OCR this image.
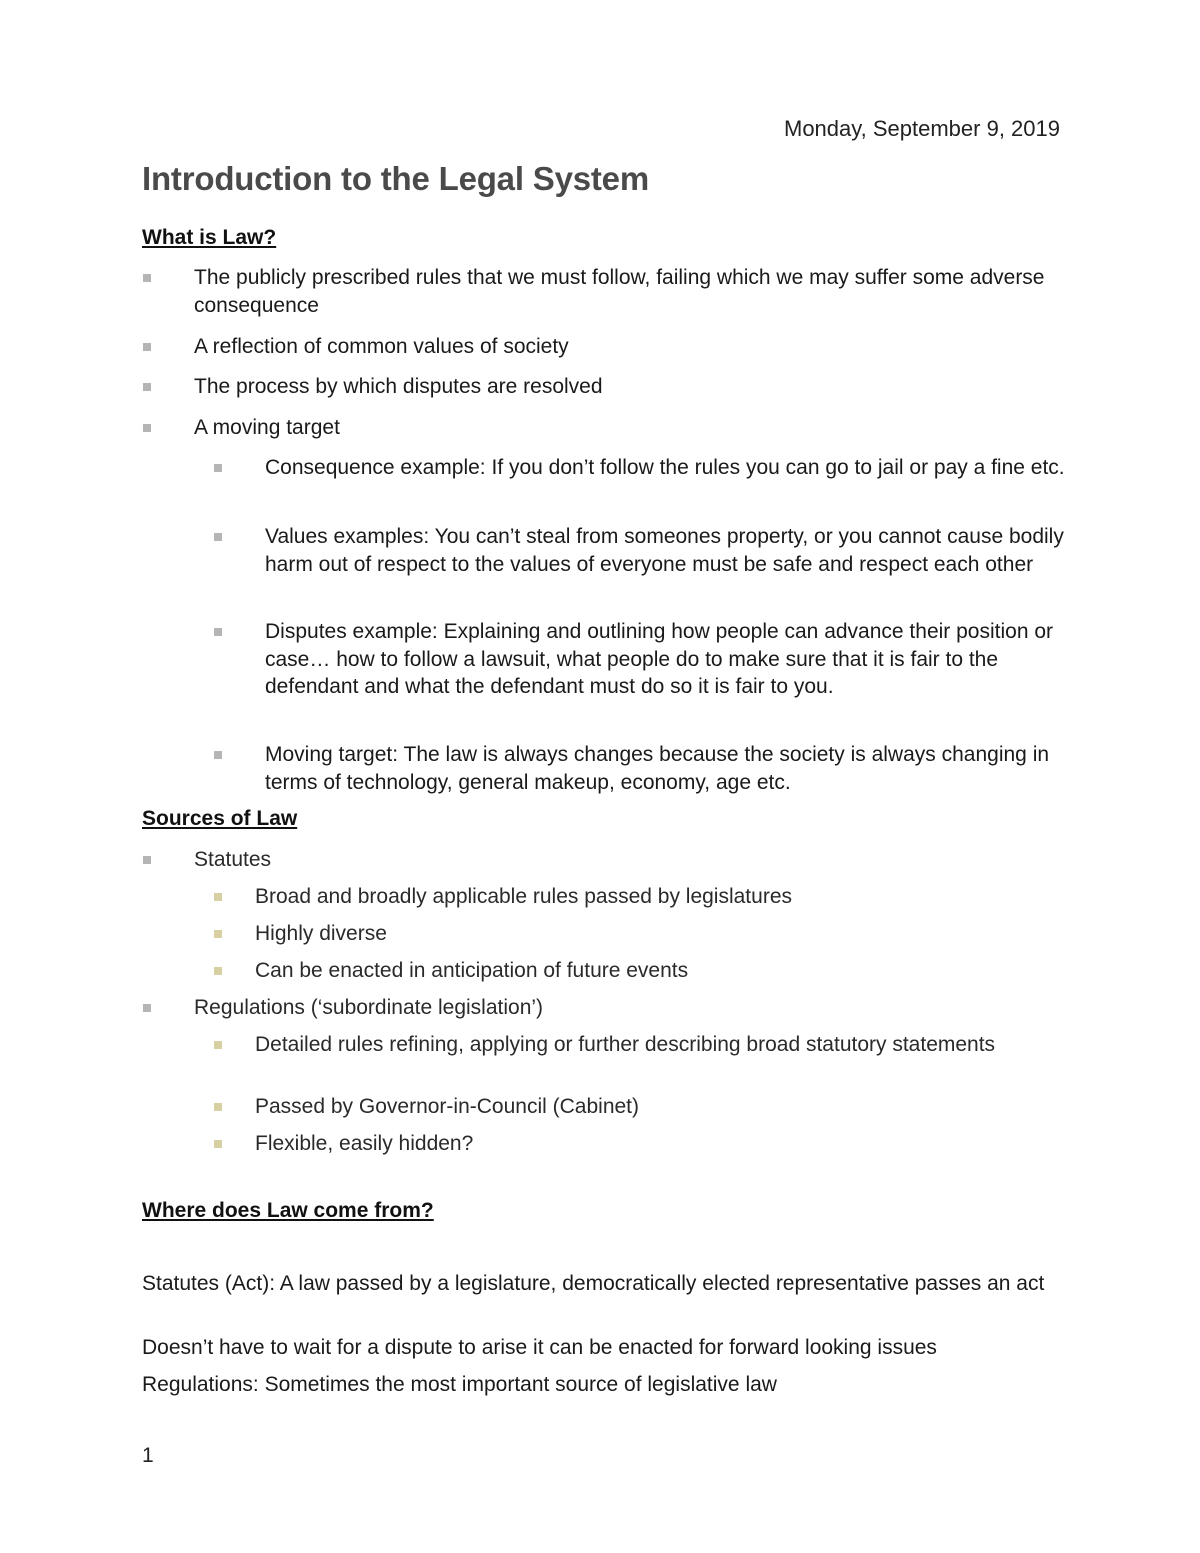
Monday, September 9, 2019
Introduction to the Legal System
What is Law?
The publicly prescribed rules that we must follow, failing which we may suffer some adverse consequence
A reflection of common values of society
The process by which disputes are resolved
A moving target
Consequence example: If you don’t follow the rules you can go to jail or pay a fine etc.
Values examples: You can’t steal from someones property, or you cannot cause bodily harm out of respect to the values of everyone must be safe and respect each other
Disputes example: Explaining and outlining how people can advance their position or case… how to follow a lawsuit, what people do to make sure that it is fair to the defendant and what the defendant must do so it is fair to you.
Moving target: The law is always changes because the society is always changing in terms of technology, general makeup, economy, age etc.
Sources of Law
Statutes
Broad and broadly applicable rules passed by legislatures
Highly diverse
Can be enacted in anticipation of future events
Regulations (‘subordinate legislation’)
Detailed rules refining, applying or further describing broad statutory statements
Passed by Governor-in-Council (Cabinet)
Flexible, easily hidden?
Where does Law come from?
Statutes (Act): A law passed by a legislature, democratically elected representative passes an act
Doesn’t have to wait for a dispute to arise it can be enacted for forward looking issues
Regulations: Sometimes the most important source of legislative law
1
